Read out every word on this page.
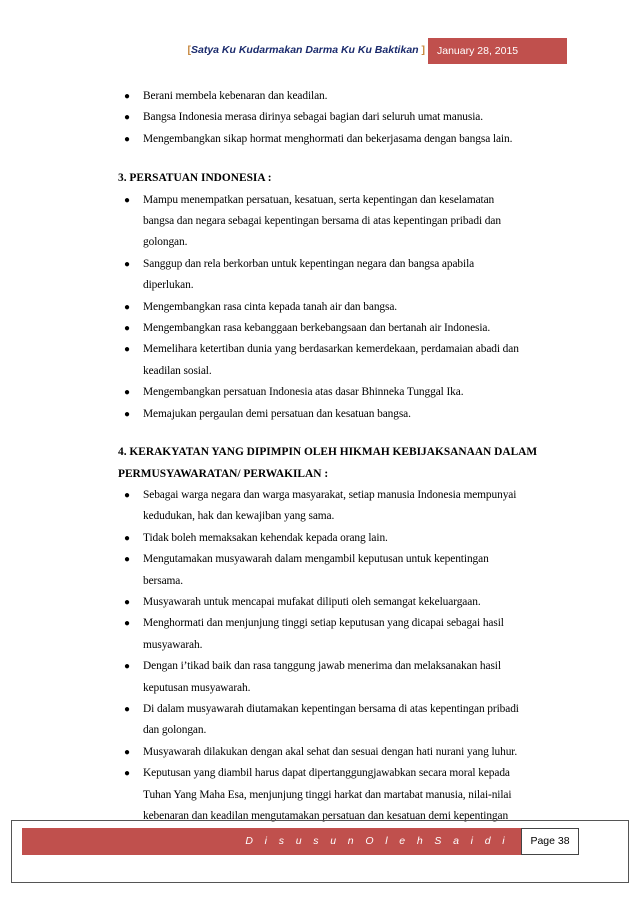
[Satya Ku Kudarmakan Darma Ku Ku Baktikan ]	January 28, 2015
● Berani membela kebenaran dan keadilan.
● Bangsa Indonesia merasa dirinya sebagai bagian dari seluruh umat manusia.
● Mengembangkan sikap hormat menghormati dan bekerjasama dengan bangsa lain.

3. PERSATUAN INDONESIA :

● Mampu menempatkan persatuan, kesatuan, serta kepentingan dan keselamatan
bangsa dan negara sebagai kepentingan bersama di atas kepentingan pribadi dan
golongan.
● Sanggup dan rela berkorban untuk kepentingan negara dan bangsa apabila
diperlukan.
● Mengembangkan rasa cinta kepada tanah air dan bangsa.
● Mengembangkan rasa kebanggaan berkebangsaan dan bertanah air Indonesia.
● Memelihara ketertiban dunia yang berdasarkan kemerdekaan, perdamaian abadi dan
keadilan sosial.
● Mengembangkan persatuan Indonesia atas dasar Bhinneka Tunggal Ika.
● Memajukan pergaulan demi persatuan dan kesatuan bangsa.

4. KERAKYATAN YANG DIPIMPIN OLEH HIKMAH KEBIJAKSANAAN DALAM

PERMUSYAWARATAN/ PERWAKILAN :

● Sebagai warga negara dan warga masyarakat, setiap manusia Indonesia mempunyai
kedudukan, hak dan kewajiban yang sama.
● Tidak boleh memaksakan kehendak kepada orang lain.
● Mengutamakan musyawarah dalam mengambil keputusan untuk kepentingan
bersama.
● Musyawarah untuk mencapai mufakat diliputi oleh semangat kekeluargaan.
● Menghormati dan menjunjung tinggi setiap keputusan yang dicapai sebagai hasil
musyawarah.
● Dengan i’tikad baik dan rasa tanggung jawab menerima dan melaksanakan hasil
keputusan musyawarah.
● Di dalam musyawarah diutamakan kepentingan bersama di atas kepentingan pribadi
dan golongan.
● Musyawarah dilakukan dengan akal sehat dan sesuai dengan hati nurani yang luhur.
● Keputusan yang diambil harus dapat dipertanggungjawabkan secara moral kepada
Tuhan Yang Maha Esa, menjunjung tinggi harkat dan martabat manusia, nilai-nilai
kebenaran dan keadilan mengutamakan persatuan dan kesatuan demi kepentingan

D i s u s u n O l e h S a i d i	Page 38
